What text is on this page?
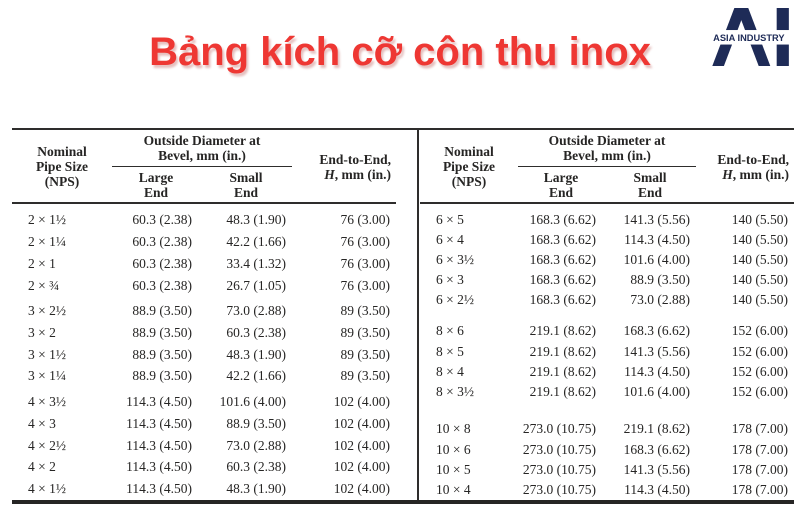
Bảng kích cỡ côn thu inox	ASIA INDUSTRY
Nominal Pipe Size (NPS)	Outside Diameter at Bevel, mm (in.)		End-to-End,
H, mm (in.)

	Large End	Small End	
2 × 1½	60.3 (2.38)	48.3 (1.90)	76 (3.00)
2 × 1¼	60.3 (2.38)	42.2 (1.66)	76 (3.00)
2 × 1	60.3 (2.38)	33.4 (1.32)	76 (3.00)
2 × ¾	60.3 (2.38)	26.7 (1.05)	76 (3.00)
3 × 2½	88.9 (3.50)	73.0 (2.88)	89 (3.50)
3 × 2	88.9 (3.50)	60.3 (2.38)	89 (3.50)
3 × 1½	88.9 (3.50)	48.3 (1.90)	89 (3.50)
3 × 1¼	88.9 (3.50)	42.2 (1.66)	89 (3.50)
4 × 3½	114.3 (4.50)	101.6 (4.00)	102 (4.00)
4 × 3	114.3 (4.50)	88.9 (3.50)	102 (4.00)
4 × 2½	114.3 (4.50)	73.0 (2.88)	102 (4.00)
4 × 2	114.3 (4.50)	60.3 (2.38)	102 (4.00)
4 × 1½	114.3 (4.50)	48.3 (1.90)	102 (4.00)
Nominal Pipe Size (NPS)	Outside Diameter at Bevel, mm (in.)		End-to-End,
H, mm (in.)

	Large End	Small End	
6 × 5	168.3 (6.62)	141.3 (5.56)	140 (5.50)
6 × 4	168.3 (6.62)	114.3 (4.50)	140 (5.50)
6 × 3½	168.3 (6.62)	101.6 (4.00)	140 (5.50)
6 × 3	168.3 (6.62)	88.9 (3.50)	140 (5.50)
6 × 2½	168.3 (6.62)	73.0 (2.88)	140 (5.50)
8 × 6	219.1 (8.62)	168.3 (6.62)	152 (6.00)
8 × 5	219.1 (8.62)	141.3 (5.56)	152 (6.00)
8 × 4	219.1 (8.62)	114.3 (4.50)	152 (6.00)
8 × 3½	219.1 (8.62)	101.6 (4.00)	152 (6.00)
10 × 8	273.0 (10.75)	219.1 (8.62)	178 (7.00)
10 × 6	273.0 (10.75)	168.3 (6.62)	178 (7.00)
10 × 5	273.0 (10.75)	141.3 (5.56)	178 (7.00)
10 × 4	273.0 (10.75)	114.3 (4.50)	178 (7.00)
